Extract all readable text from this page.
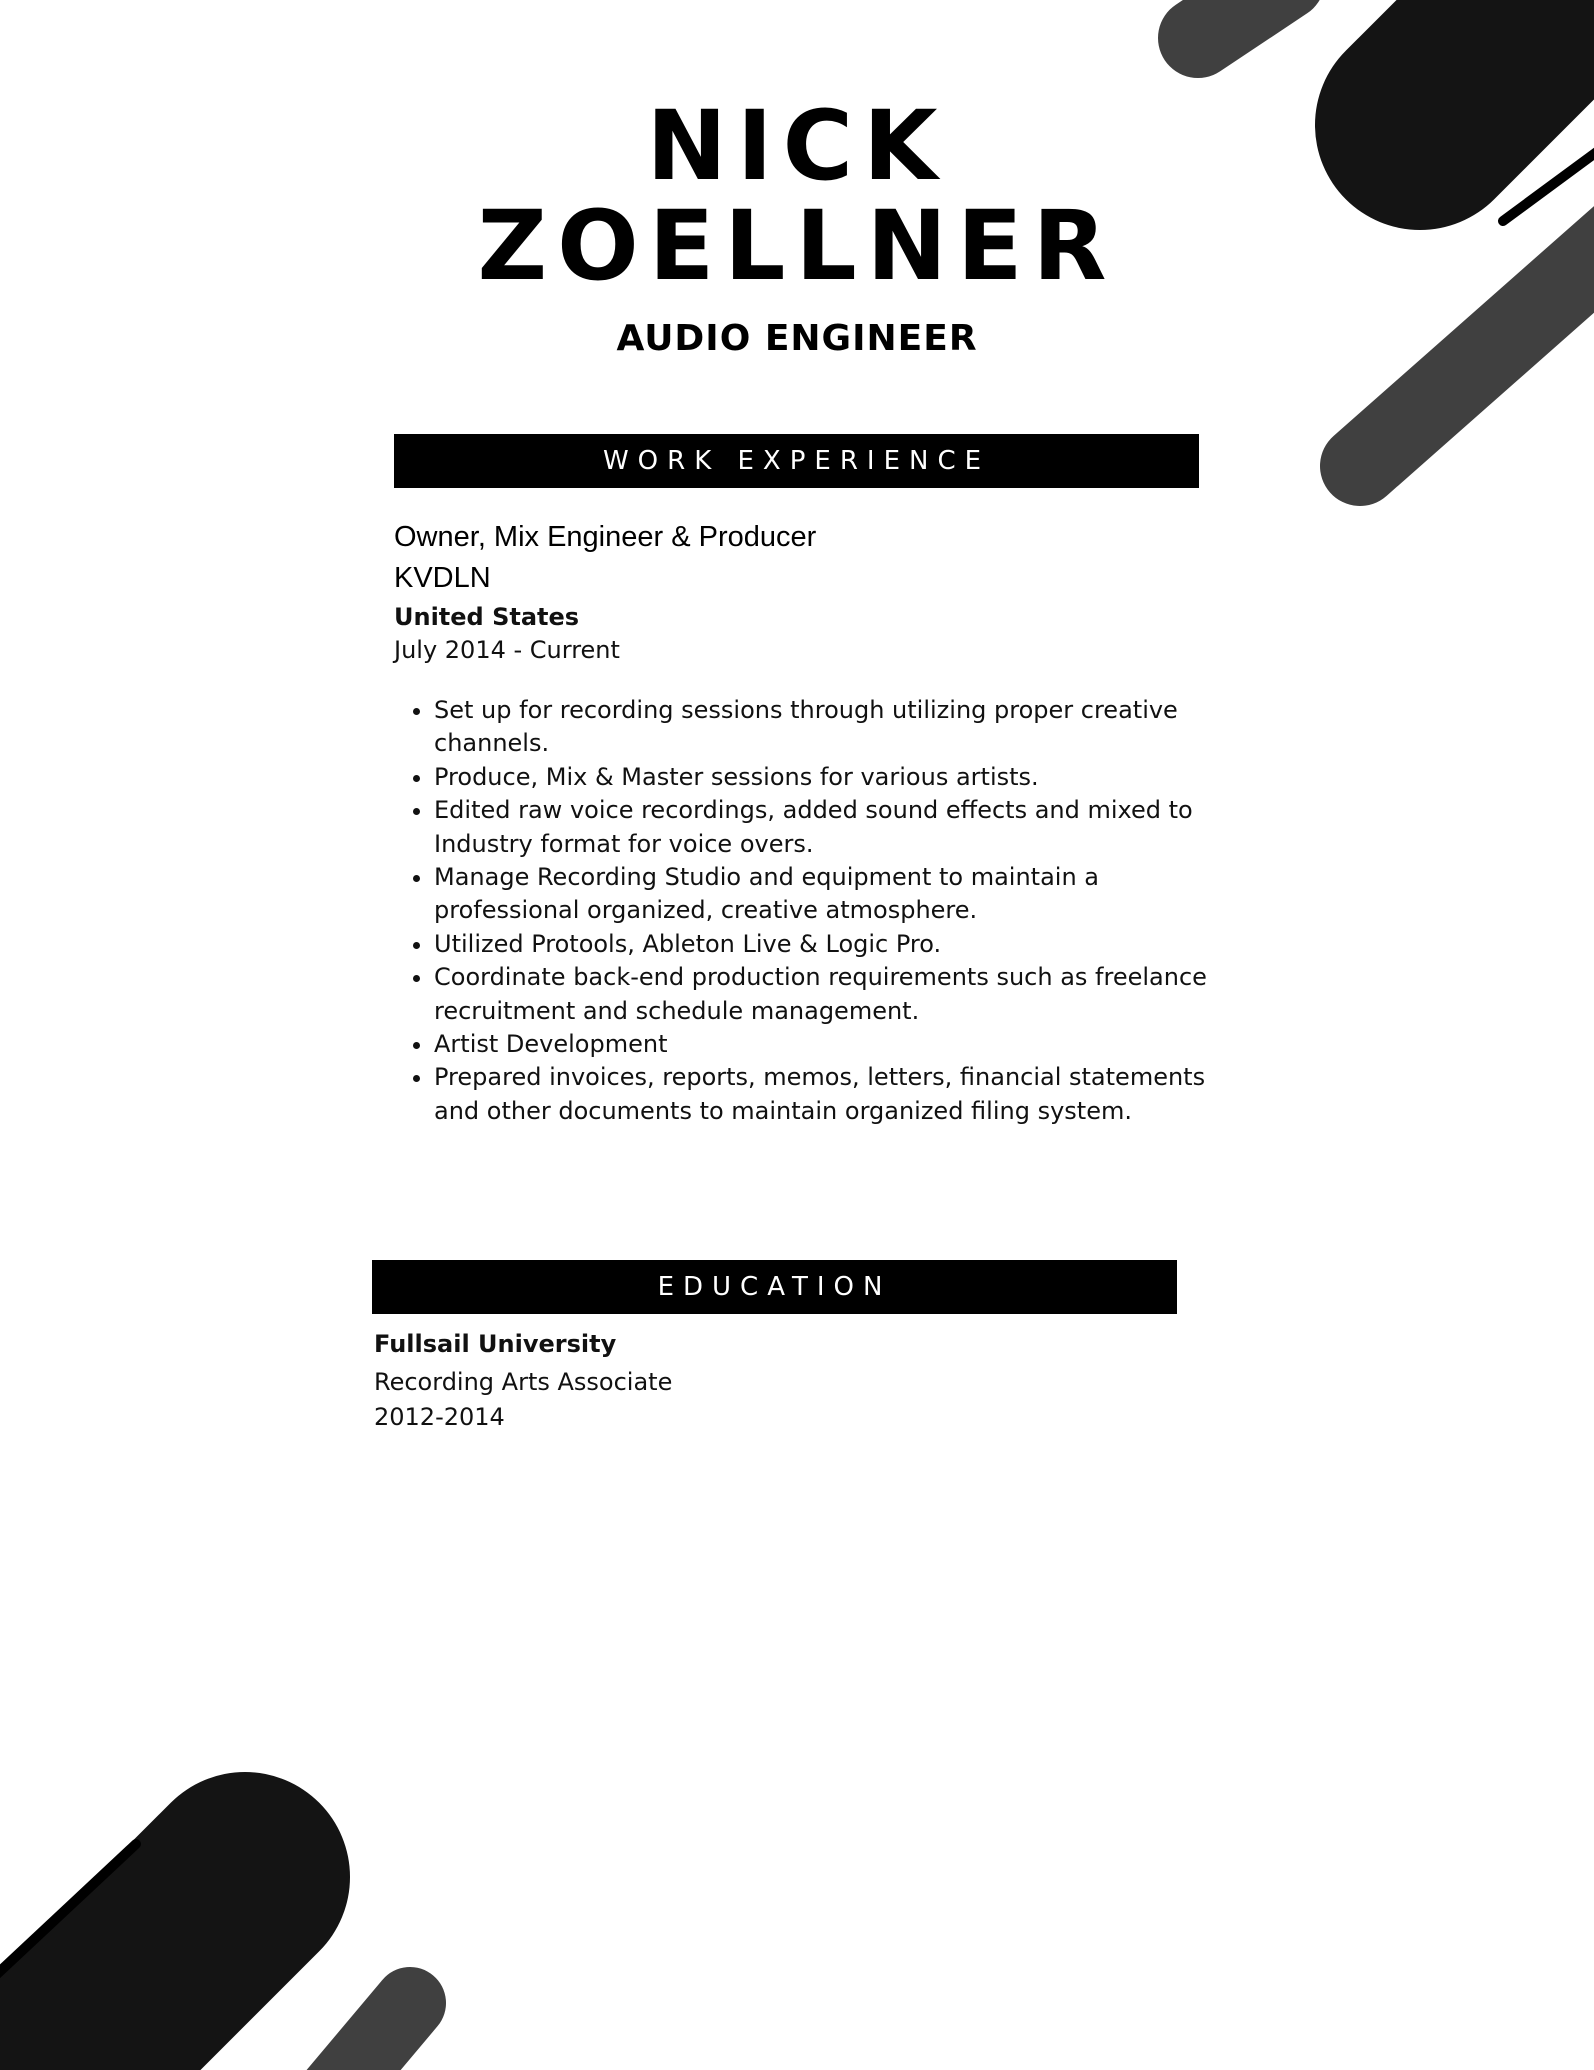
NICK
ZOELLNER
AUDIO ENGINEER
WORK EXPERIENCE
Owner, Mix Engineer & Producer
KVDLN
United States
July 2014 - Current
• Set up for recording sessions through utilizing proper creative channels.
• Produce, Mix & Master sessions for various artists.
• Edited raw voice recordings, added sound effects and mixed to Industry format for voice overs.
• Manage Recording Studio and equipment to maintain a professional organized, creative atmosphere.
• Utilized Protools, Ableton Live & Logic Pro.
• Coordinate back-end production requirements such as freelance recruitment and schedule management.
• Artist Development
• Prepared invoices, reports, memos, letters, financial statements and other documents to maintain organized filing system.
EDUCATION
Fullsail University
Recording Arts Associate
2012-2014
